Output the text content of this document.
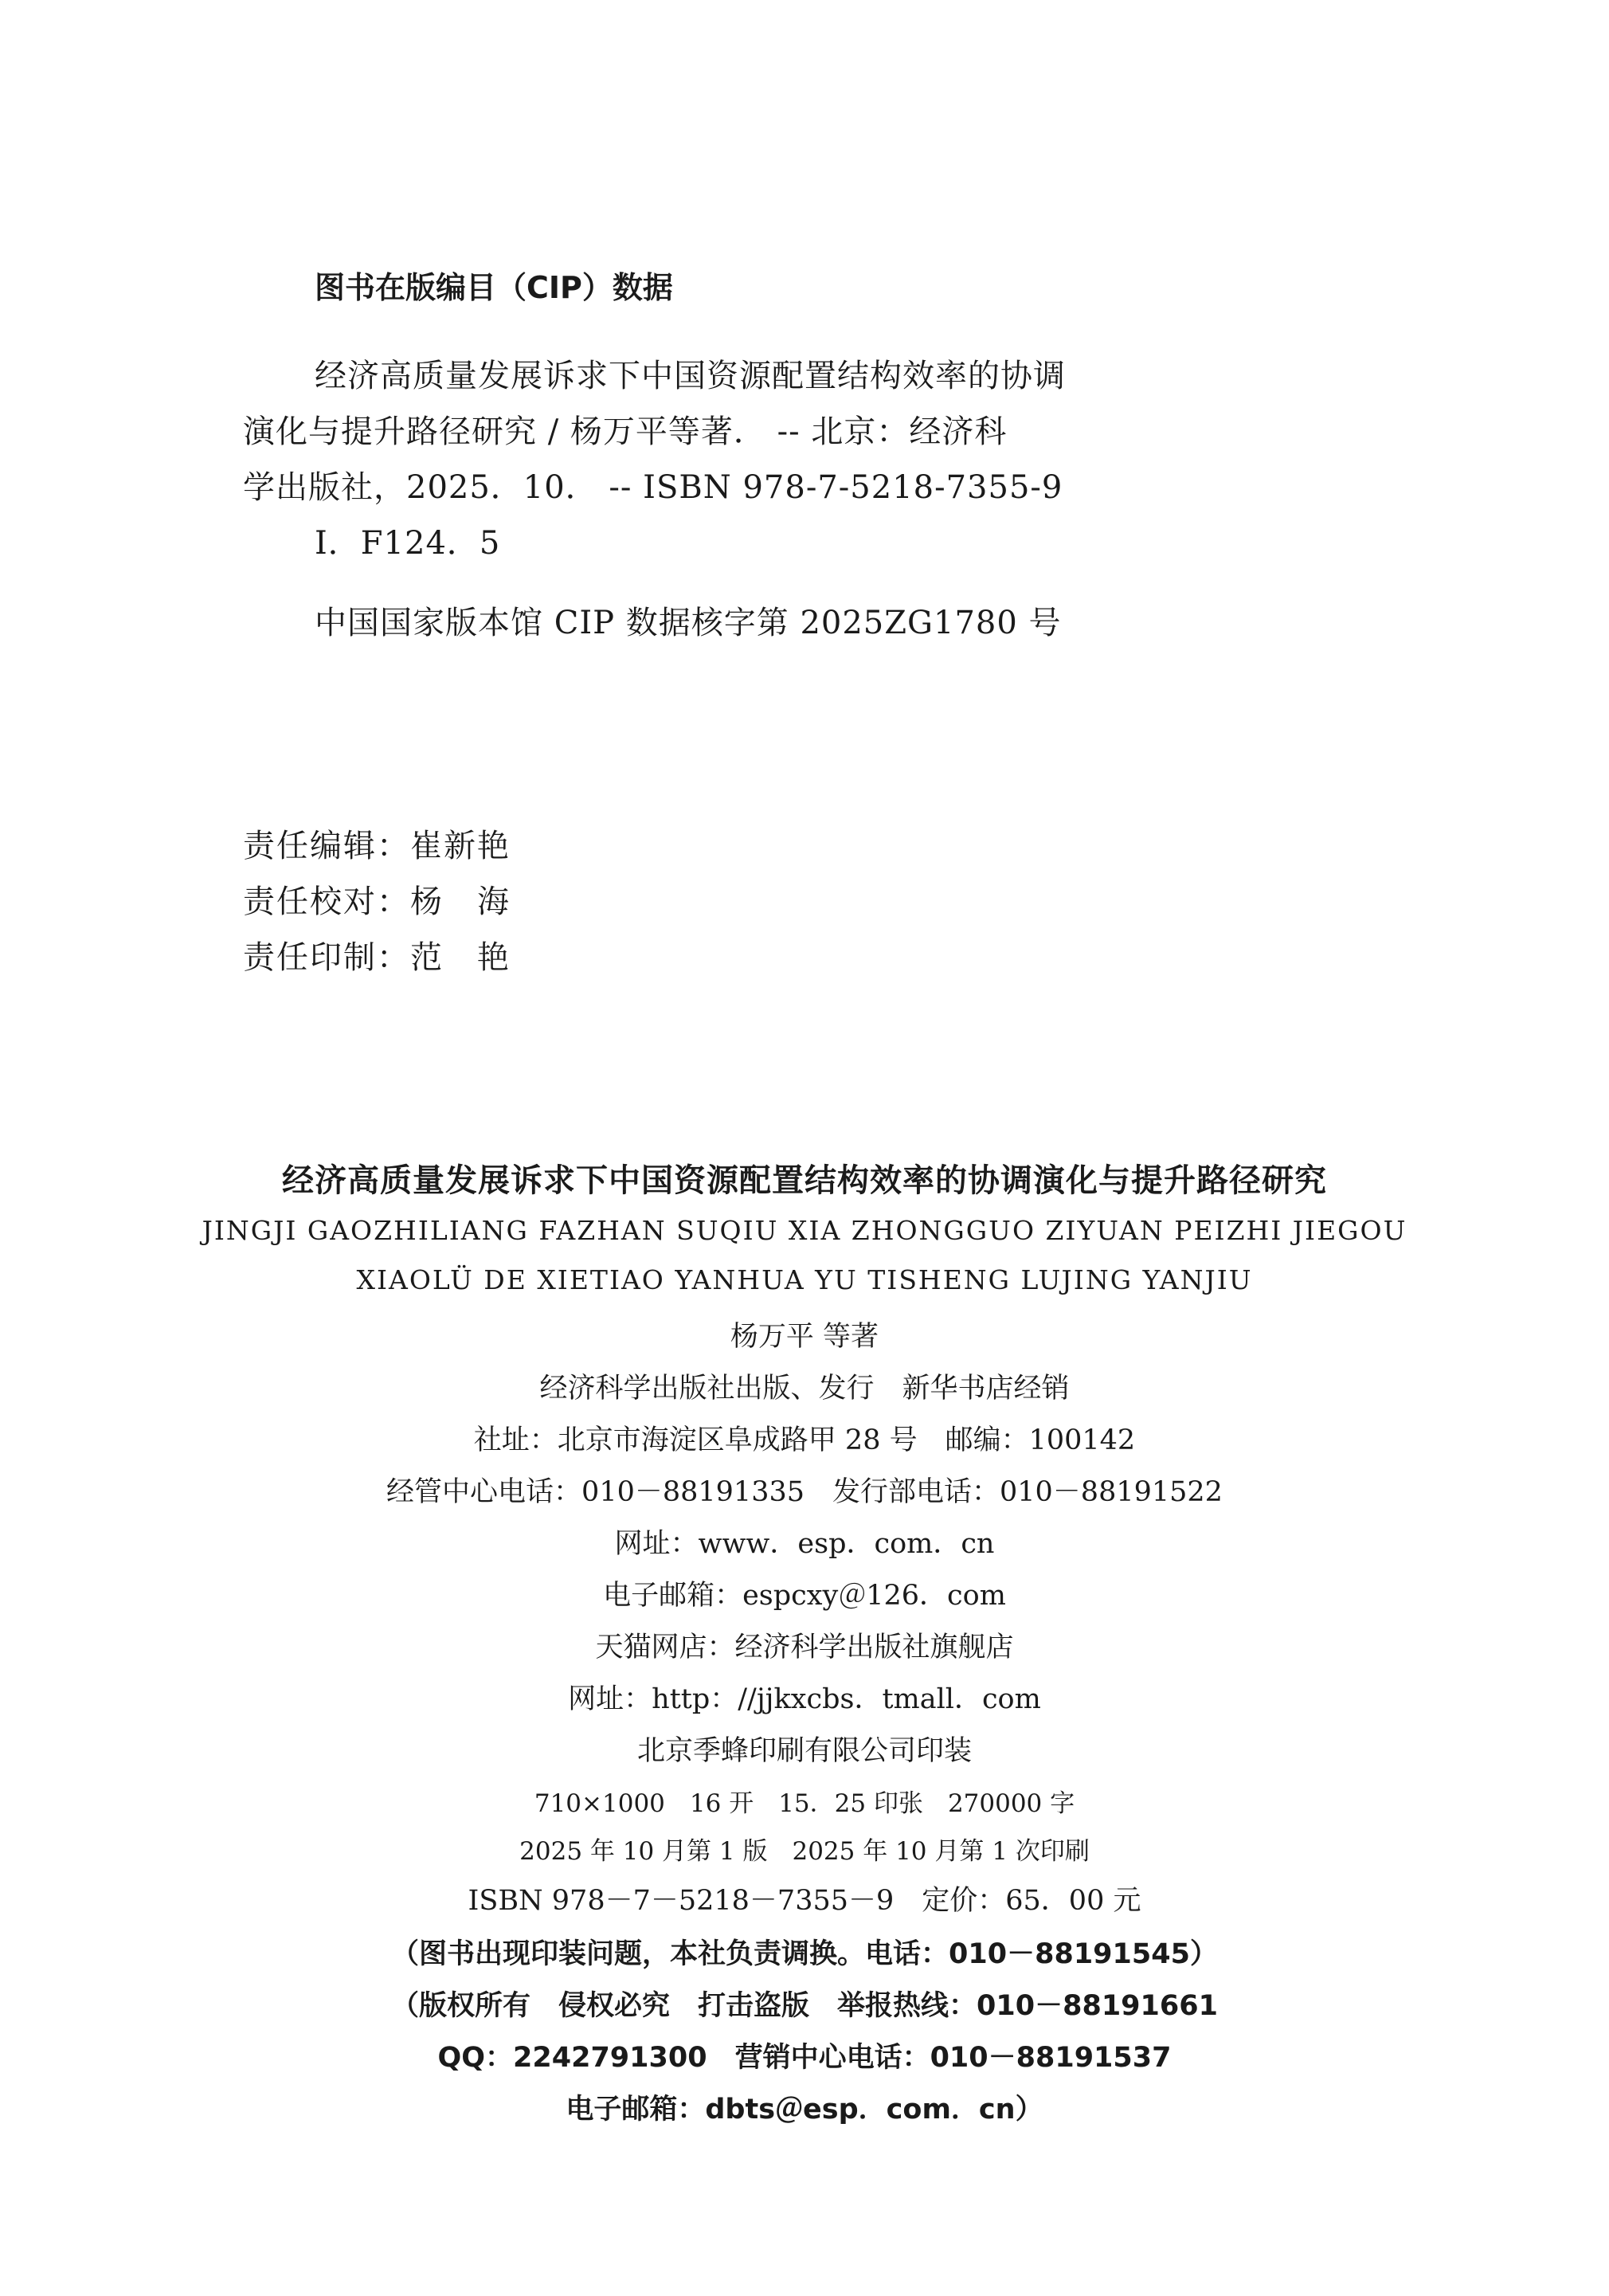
图书在版编目（CIP）数据
经济高质量发展诉求下中国资源配置结构效率的协调
演化与提升路径研究 / 杨万平等著． -- 北京：经济科
学出版社，2025．10． -- ISBN 978-7-5218-7355-9
Ⅰ．F124．5
中国国家版本馆 CIP 数据核字第 2025ZG1780 号
责任编辑：崔新艳
责任校对：杨　海
责任印制：范　艳
经济高质量发展诉求下中国资源配置结构效率的协调演化与提升路径研究
JINGJI GAOZHILIANG FAZHAN SUQIU XIA ZHONGGUO ZIYUAN PEIZHI JIEGOU
XIAOLÜ DE XIETIAO YANHUA YU TISHENG LUJING YANJIU
杨万平 等著
经济科学出版社出版、发行　新华书店经销
社址：北京市海淀区阜成路甲 28 号　邮编：100142
经管中心电话：010－88191335　发行部电话：010－88191522
网址：www．esp．com．cn
电子邮箱：espcxy＠126．com
天猫网店：经济科学出版社旗舰店
网址：http：//jjkxcbs．tmall．com
北京季蜂印刷有限公司印装
710×1000　16 开　15．25 印张　270000 字
2025 年 10 月第 1 版　2025 年 10 月第 1 次印刷
ISBN 978－7－5218－7355－9　定价：65．00 元
（图书出现印装问题，本社负责调换。电话：010－88191545）
（版权所有　侵权必究　打击盗版　举报热线：010－88191661
QQ：2242791300　营销中心电话：010－88191537
电子邮箱：dbts＠esp．com．cn）
